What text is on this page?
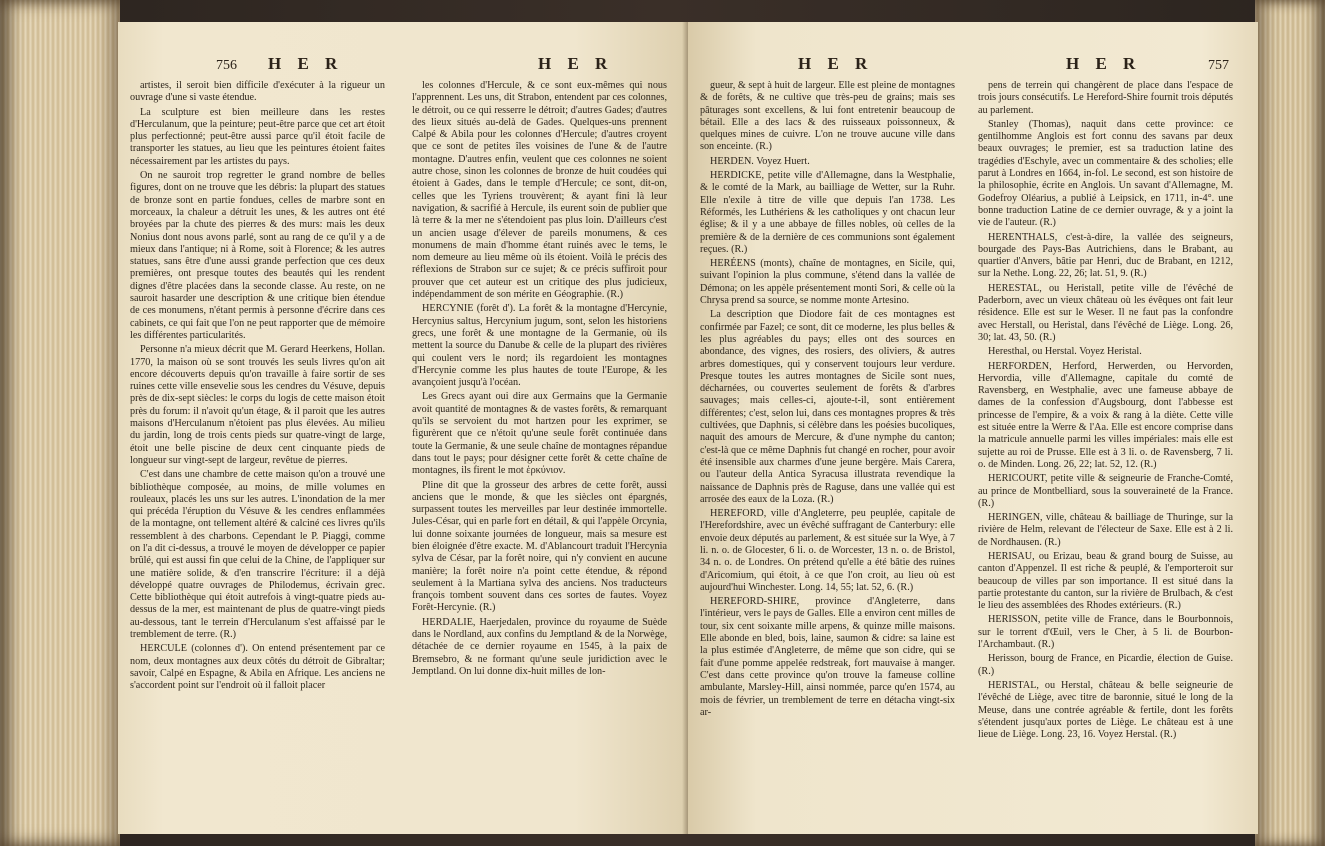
756 H E R	H E R

artistes, il seroit bien difficile d'exécuter à la rigueur un ouvrage d'une si vaste étendue.

La sculpture est bien meilleure dans les restes d'Herculanum, que la peinture; peut-être parce que cet art étoit plus perfectionné; peut-être aussi parce qu'il étoit facile de transporter les statues, au lieu que les peintures étoient faites nécessairement par les artistes du pays.

On ne sauroit trop regretter le grand nombre de belles figures, dont on ne trouve que les débris: la plupart des statues de bronze sont en partie fondues, celles de marbre sont en morceaux, la chaleur a détruit les unes, & les autres ont été broyées par la chute des pierres & des murs: mais les deux Nonius dont nous avons parlé, sont au rang de ce qu'il y a de mieux dans l'antique; ni à Rome, soit à Florence; & les autres statues, sans être d'une aussi grande perfection que ces deux premières, ont presque toutes des beautés qui les rendent dignes d'être placées dans la seconde classe. Au reste, on ne sauroit hasarder une description & une critique bien étendue de ces monumens, n'étant permis à personne d'écrire dans ces cabinets, ce qui fait que l'on ne peut rapporter que de mémoire les différentes particularités.

Personne n'a mieux décrit que M. Gerard Heerkens, Hollan. 1770, la maison où se sont trouvés les seuls livres qu'on ait encore découverts depuis qu'on travaille à faire sortir de ses ruines cette ville ensevelie sous les cendres du Vésuve, depuis près de dix-sept siècles: le corps du logis de cette maison étoit près du forum: il n'avoit qu'un étage, & il paroit que les autres maisons d'Herculanum n'étoient pas plus élevées. Au milieu du jardin, long de trois cents pieds sur quatre-vingt de large, étoit une belle piscine de deux cent cinquante pieds de longueur sur vingt-sept de largeur, revêtue de pierres.

C'est dans une chambre de cette maison qu'on a trouvé une bibliothèque composée, au moins, de mille volumes en rouleaux, placés les uns sur les autres. L'inondation de la mer qui précéda l'éruption du Vésuve & les cendres enflammées de la montagne, ont tellement altéré & calciné ces livres qu'ils ressemblent à des charbons. Cependant le P. Piaggi, comme on l'a dit ci-dessus, a trouvé le moyen de développer ce papier brûlé, qui est aussi fin que celui de la Chine, de l'appliquer sur une matière solide, & d'en transcrire l'écriture: il a déjà développé quatre ouvrages de Philodemus, écrivain grec. Cette bibliothèque qui étoit autrefois à vingt-quatre pieds au-dessus de la mer, est maintenant de plus de quatre-vingt pieds au-dessous, tant le terrein d'Herculanum s'est affaissé par le tremblement de terre. (R.)

HERCULE (colonnes d'). On entend présentement par ce nom, deux montagnes aux deux côtés du détroit de Gibraltar; savoir, Calpé en Espagne, & Abila en Afrique. Les anciens ne s'accordent point sur l'endroit où il falloit placer

les colonnes d'Hercule, & ce sont eux-mêmes qui nous l'apprennent. Les uns, dit Strabon, entendent par ces colonnes, le détroit, ou ce qui resserre le détroit; d'autres Gades; d'autres des lieux situés au-delà de Gades. Quelques-uns prennent Calpé & Abila pour les colonnes d'Hercule; d'autres croyent que ce sont de petites îles voisines de l'une & de l'autre montagne. D'autres enfin, veulent que ces colonnes ne soient autre chose, sinon les colonnes de bronze de huit coudées qui étoient à Gades, dans le temple d'Hercule; ce sont, dit-on, celles que les Tyriens trouvèrent; & ayant fini là leur navigation, & sacrifié à Hercule, ils eurent soin de publier que là terre & la mer ne s'étendoient pas plus loin. D'ailleurs c'est un ancien usage d'élever de pareils monumens, & ces monumens de main d'homme étant ruinés avec le tems, le nom demeure au lieu même où ils étoient. Voilà le précis des réflexions de Strabon sur ce sujet; & ce précis suffiroit pour prouver que cet auteur est un critique des plus judicieux, indépendamment de son mérite en Géographie. (R.)

HERCYNIE (forêt d'). La forêt & la montagne d'Hercynie, Hercynius saltus, Hercynium jugum, sont, selon les historiens grecs, une forêt & une montagne de la Germanie, où ils mettent la source du Danube & celle de la plupart des rivières qui coulent vers le nord; ils regardoient les montagnes d'Hercynie comme les plus hautes de toute l'Europe, & les avançoient jusqu'à l'océan.

Les Grecs ayant oui dire aux Germains que la Germanie avoit quantité de montagnes & de vastes forêts, & remarquant qu'ils se servoient du mot hartzen pour les exprimer, se figurèrent que ce n'étoit qu'une seule forêt continuée dans toute la Germanie, & une seule chaîne de montagnes répandue dans tout le pays; pour désigner cette forêt & cette chaîne de montagnes, ils firent le mot ἑρκύνιον.

Pline dit que la grosseur des arbres de cette forêt, aussi anciens que le monde, & que les siècles ont épargnés, surpassent toutes les merveilles par leur destinée immortelle. Jules-César, qui en parle fort en détail, & qui l'appèle Orcynia, lui donne soixante journées de longueur, mais sa mesure est bien éloignée d'être exacte. M. d'Ablancourt traduit l'Hercynia sylva de César, par la forêt noire, qui n'y convient en aucune manière; la forêt noire n'a point cette étendue, & répond seulement à la Martiana sylva des anciens. Nos traducteurs françois tombent souvent dans ces sortes de fautes. Voyez Forêt-Hercynie. (R.)

HERDALIE, Haerjedalen, province du royaume de Suède dans le Nordland, aux confins du Jemptland & de la Norwège, détachée de ce dernier royaume en 1545, à la paix de Bremsebro, & ne formant qu'une seule juridiction avec le Jemptland. On lui donne dix-huit milles de lon-

H E R	H E R	757

gueur, & sept à huit de largeur. Elle est pleine de montagnes & de forêts, & ne cultive que très-peu de grains; mais ses pâturages sont excellens, & lui font entretenir beaucoup de bétail. Elle a des lacs & des ruisseaux poissonneux, & quelques mines de cuivre. L'on ne trouve aucune ville dans son enceinte. (R.)

HERDEN. Voyez Huert.

HERDICKE, petite ville d'Allemagne, dans la Westphalie, & le comté de la Mark, au bailliage de Wetter, sur la Ruhr. Elle n'exile à titre de ville que depuis l'an 1738. Les Réformés, les Luthériens & les catholiques y ont chacun leur église; & il y a une abbaye de filles nobles, où celles de la première & de la dernière de ces communions sont également reçues. (R.)

HERÉENS (monts), chaîne de montagnes, en Sicile, qui, suivant l'opinion la plus commune, s'étend dans la vallée de Démona; on les appèle présentement monti Sori, & celle où la Chrysa prend sa source, se nomme monte Artesino.

La description que Diodore fait de ces montagnes est confirmée par Fazel; ce sont, dit ce moderne, les plus belles & les plus agréables du pays; elles ont des sources en abondance, des vignes, des rosiers, des oliviers, & autres arbres domestiques, qui y conservent toujours leur verdure. Presque toutes les autres montagnes de Sicile sont nues, décharnées, ou couvertes seulement de forêts & d'arbres sauvages; mais celles-ci, ajoute-t-il, sont entièrement différentes; c'est, selon lui, dans ces montagnes propres & très cultivées, que Daphnis, si célèbre dans les poésies bucoliques, naquit des amours de Mercure, & d'une nymphe du canton; c'est-là que ce même Daphnis fut changé en rocher, pour avoir été insensible aux charmes d'une jeune bergère. Mais Carera, ou l'auteur della Antica Syracusa illustrata revendique la naissance de Daphnis près de Raguse, dans une vallée qui est arrosée des eaux de la Loza. (R.)

HEREFORD, ville d'Angleterre, peu peuplée, capitale de l'Herefordshire, avec un évêché suffragant de Canterbury: elle envoie deux députés au parlement, & est située sur la Wye, à 7 li. n. o. de Glocester, 6 li. o. de Worcester, 13 n. o. de Bristol, 34 n. o. de Londres. On prétend qu'elle a été bâtie des ruines d'Aricomium, qui étoit, à ce que l'on croit, au lieu où est aujourd'hui Winchester. Long. 14, 55; lat. 52, 6. (R.)

HEREFORD-SHIRE, province d'Angleterre, dans l'intérieur, vers le pays de Galles. Elle a environ cent milles de tour, six cent soixante mille arpens, & quinze mille maisons. Elle abonde en bled, bois, laine, saumon & cidre: sa laine est la plus estimée d'Angleterre, de même que son cidre, qui se fait d'une pomme appelée redstreak, fort mauvaise à manger. C'est dans cette province qu'on trouve la fameuse colline ambulante, Marsley-Hill, ainsi nommée, parce qu'en 1574, au mois de février, un tremblement de terre en détacha vingt-six ar-

pens de terrein qui changèrent de place dans l'espace de trois jours consécutifs. Le Hereford-Shire fournit trois députés au parlement.

Stanley (Thomas), naquit dans cette province: ce gentilhomme Anglois est fort connu des savans par deux beaux ouvrages; le premier, est sa traduction latine des tragédies d'Eschyle, avec un commentaire & des scholies; elle parut à Londres en 1664, in-fol. Le second, est son histoire de la philosophie, écrite en Anglois. Un savant d'Allemagne, M. Godefroy Oléarius, a publié à Leipsick, en 1711, in-4°. une bonne traduction Latine de ce dernier ouvrage, & y a joint la vie de l'auteur. (R.)

HERENTHALS, c'est-à-dire, la vallée des seigneurs, bourgade des Pays-Bas Autrichiens, dans le Brabant, au quartier d'Anvers, bâtie par Henri, duc de Brabant, en 1212, sur la Nethe. Long. 22, 26; lat. 51, 9. (R.)

HERESTAL, ou Heristall, petite ville de l'évêché de Paderborn, avec un vieux château où les évêques ont fait leur résidence. Elle est sur le Weser. Il ne faut pas la confondre avec Herstall, ou Heristal, dans l'évêché de Liège. Long. 26, 30; lat. 43, 50. (R.)

Heresthal, ou Herstal. Voyez Heristal.

HERFORDEN, Herford, Herwerden, ou Hervorden, Hervordia, ville d'Allemagne, capitale du comté de Ravensberg, en Westphalie, avec une fameuse abbaye de dames de la confession d'Augsbourg, dont l'abbesse est princesse de l'empire, & a voix & rang à la diète. Cette ville est située entre la Werre & l'Aa. Elle est encore comprise dans la matricule annuelle parmi les villes impériales: mais elle est sujette au roi de Prusse. Elle est à 3 li. o. de Ravensberg, 7 li. o. de Minden. Long. 26, 22; lat. 52, 12. (R.)

HERICOURT, petite ville & seigneurie de Franche-Comté, au prince de Montbelliard, sous la souveraineté de la France. (R.)

HERINGEN, ville, château & bailliage de Thuringe, sur la rivière de Helm, relevant de l'électeur de Saxe. Elle est à 2 li. de Nordhausen. (R.)

HERISAU, ou Erizau, beau & grand bourg de Suisse, au canton d'Appenzel. Il est riche & peuplé, & l'emporteroit sur beaucoup de villes par son importance. Il est situé dans la partie protestante du canton, sur la rivière de Brulbach, & c'est le lieu des assemblées des Rhodes extérieurs. (R.)

HERISSON, petite ville de France, dans le Bourbonnois, sur le torrent d'Œuil, vers le Cher, à 5 li. de Bourbon-l'Archambaut. (R.)

Herisson, bourg de France, en Picardie, élection de Guise. (R.)

HERISTAL, ou Herstal, château & belle seigneurie de l'évêché de Liège, avec titre de baronnie, situé le long de la Meuse, dans une contrée agréable & fertile, dont les forêts s'étendent jusqu'aux portes de Liège. Le château est à une lieue de Liège. Long. 23, 16. Voyez Herstal. (R.)
